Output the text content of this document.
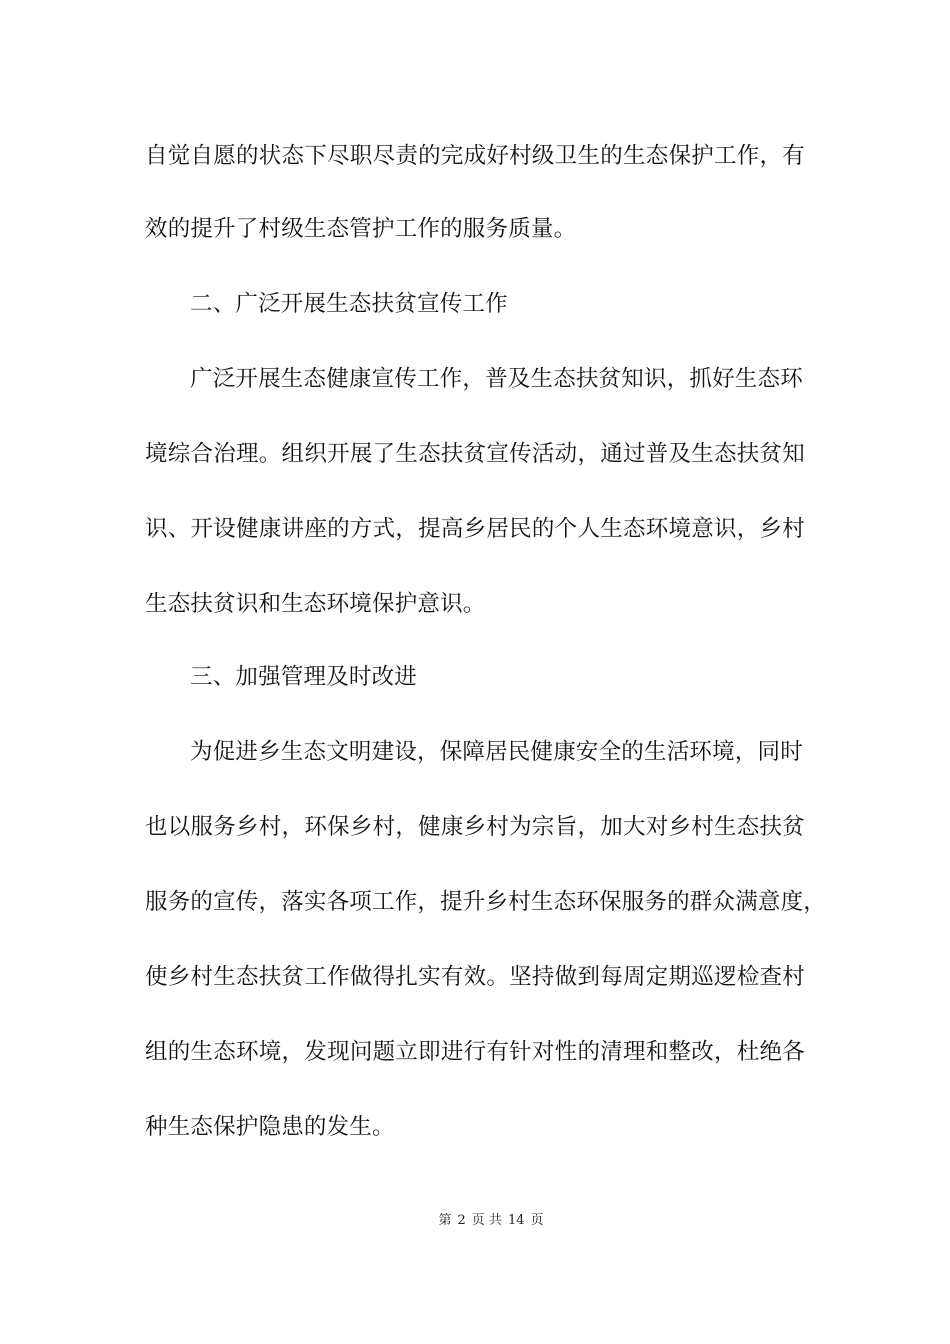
自觉自愿的状态下尽职尽责的完成好村级卫生的生态保护工作，有
效的提升了村级生态管护工作的服务质量。
二、广泛开展生态扶贫宣传工作
广泛开展生态健康宣传工作，普及生态扶贫知识，抓好生态环
境综合治理。组织开展了生态扶贫宣传活动，通过普及生态扶贫知
识、开设健康讲座的方式，提高乡居民的个人生态环境意识，乡村
生态扶贫识和生态环境保护意识。
三、加强管理及时改进
为促进乡生态文明建设，保障居民健康安全的生活环境，同时
也以服务乡村，环保乡村，健康乡村为宗旨，加大对乡村生态扶贫
服务的宣传，落实各项工作，提升乡村生态环保服务的群众满意度，
使乡村生态扶贫工作做得扎实有效。坚持做到每周定期巡逻检查村
组的生态环境，发现问题立即进行有针对性的清理和整改，杜绝各
种生态保护隐患的发生。
第 2 页 共 14 页
